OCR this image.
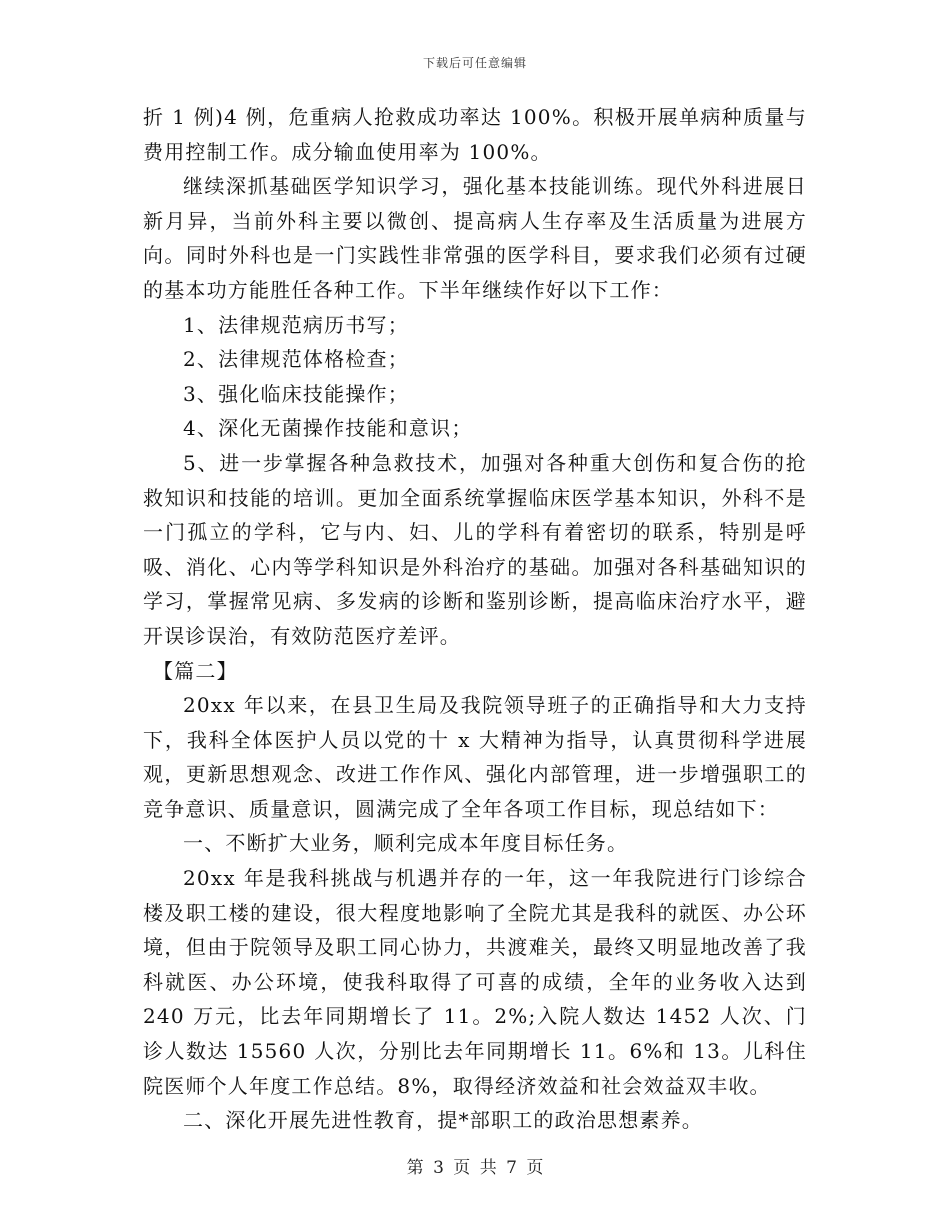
下载后可任意编辑

折 1 例)4 例，危重病人抢救成功率达 100%。积极开展单病种质量与费用控制工作。成分输血使用率为 100%。

继续深抓基础医学知识学习，强化基本技能训练。现代外科进展日新月异，当前外科主要以微创、提高病人生存率及生活质量为进展方向。同时外科也是一门实践性非常强的医学科目，要求我们必须有过硬的基本功方能胜任各种工作。下半年继续作好以下工作：

1、法律规范病历书写；

2、法律规范体格检查；

3、强化临床技能操作；

4、深化无菌操作技能和意识；

5、进一步掌握各种急救技术，加强对各种重大创伤和复合伤的抢救知识和技能的培训。更加全面系统掌握临床医学基本知识，外科不是一门孤立的学科，它与内、妇、儿的学科有着密切的联系，特别是呼吸、消化、心内等学科知识是外科治疗的基础。加强对各科基础知识的学习，掌握常见病、多发病的诊断和鉴别诊断，提高临床治疗水平，避开误诊误治，有效防范医疗差评。

【篇二】

20xx 年以来，在县卫生局及我院领导班子的正确指导和大力支持下，我科全体医护人员以党的十 x 大精神为指导，认真贯彻科学进展观，更新思想观念、改进工作作风、强化内部管理，进一步增强职工的竞争意识、质量意识，圆满完成了全年各项工作目标，现总结如下：

一、不断扩大业务，顺利完成本年度目标任务。

20xx 年是我科挑战与机遇并存的一年，这一年我院进行门诊综合楼及职工楼的建设，很大程度地影响了全院尤其是我科的就医、办公环境，但由于院领导及职工同心协力，共渡难关，最终又明显地改善了我科就医、办公环境，使我科取得了可喜的成绩，全年的业务收入达到 240 万元，比去年同期增长了 11。2%;入院人数达 1452 人次、门诊人数达 15560 人次，分别比去年同期增长 11。6%和 13。儿科住院医师个人年度工作总结。8%，取得经济效益和社会效益双丰收。

二、深化开展先进性教育，提*部职工的政治思想素养。

第 3 页 共 7 页
